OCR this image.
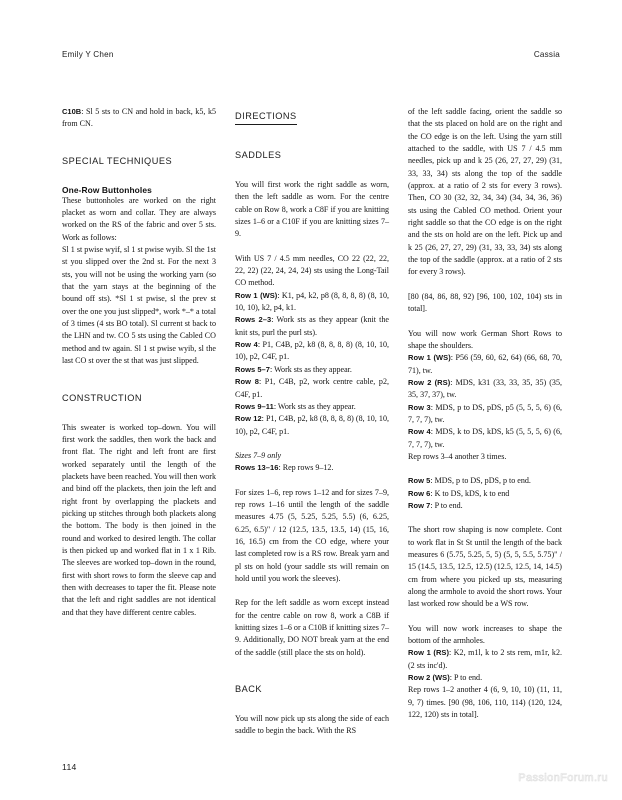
Emily Y Chen	Cassia

C10B: Sl 5 sts to CN and hold in back, k5, k5 from CN.

SPECIAL TECHNIQUES
One-Row Buttonholes

These buttonholes are worked on the right placket as worn and collar. They are always worked on the RS of the fabric and over 5 sts. Work as follows:

Sl 1 st pwise wyif, sl 1 st pwise wyib. Sl the 1st st you slipped over the 2nd st. For the next 3 sts, you will not be using the working yarn (so that the yarn stays at the beginning of the bound off sts). *Sl 1 st pwise, sl the prev st over the one you just slipped*, work *–* a total of 3 times (4 sts BO total). Sl current st back to the LHN and tw. CO 5 sts using the Cabled CO method and tw again. Sl 1 st pwise wyib, sl the last CO st over the st that was just slipped.

CONSTRUCTION

This sweater is worked top–down. You will first work the saddles, then work the back and front flat. The right and left front are first worked separately until the length of the plackets have been reached. You will then work and bind off the plackets, then join the left and right front by overlapping the plackets and picking up stitches through both plackets along the bottom. The body is then joined in the round and worked to desired length. The collar is then picked up and worked flat in 1 x 1 Rib. The sleeves are worked top–down in the round, first with short rows to form the sleeve cap and then with decreases to taper the fit. Please note that the left and right saddles are not identical and that they have different centre cables.

DIRECTIONS
SADDLES

You will first work the right saddle as worn, then the left saddle as worn. For the centre cable on Row 8, work a C8F if you are knitting sizes 1–6 or a C10F if you are knitting sizes 7–9.

With US 7 / 4.5 mm needles, CO 22 (22, 22, 22, 22) (22, 24, 24, 24) sts using the Long-Tail CO method.

Row 1 (WS): K1, p4, k2, p8 (8, 8, 8, 8) (8, 10, 10, 10), k2, p4, k1.

Rows 2–3: Work sts as they appear (knit the knit sts, purl the purl sts).

Row 4: P1, C4B, p2, k8 (8, 8, 8, 8) (8, 10, 10, 10), p2, C4F, p1.

Rows 5–7: Work sts as they appear.

Row 8: P1, C4B, p2, work centre cable, p2, C4F, p1.

Rows 9–11: Work sts as they appear.

Row 12: P1, C4B, p2, k8 (8, 8, 8, 8) (8, 10, 10, 10), p2, C4F, p1.

Sizes 7–9 only

Rows 13–16: Rep rows 9–12.

For sizes 1–6, rep rows 1–12 and for sizes 7–9, rep rows 1–16 until the length of the saddle measures 4.75 (5, 5.25, 5.25, 5.5) (6, 6.25, 6.25, 6.5)" / 12 (12.5, 13.5, 13.5, 14) (15, 16, 16, 16.5) cm from the CO edge, where your last completed row is a RS row. Break yarn and pl sts on hold (your saddle sts will remain on hold until you work the sleeves).

Rep for the left saddle as worn except instead for the centre cable on row 8, work a C8B if knitting sizes 1–6 or a C10B if knitting sizes 7–9. Additionally, DO NOT break yarn at the end of the saddle (still place the sts on hold).

BACK

You will now pick up sts along the side of each saddle to begin the back. With the RS

of the left saddle facing, orient the saddle so that the sts placed on hold are on the right and the CO edge is on the left. Using the yarn still attached to the saddle, with US 7 / 4.5 mm needles, pick up and k 25 (26, 27, 27, 29) (31, 33, 33, 34) sts along the top of the saddle (approx. at a ratio of 2 sts for every 3 rows). Then, CO 30 (32, 32, 34, 34) (34, 34, 36, 36) sts using the Cabled CO method. Orient your right saddle so that the CO edge is on the right and the sts on hold are on the left. Pick up and k 25 (26, 27, 27, 29) (31, 33, 33, 34) sts along the top of the saddle (approx. at a ratio of 2 sts for every 3 rows).

[80 (84, 86, 88, 92) [96, 100, 102, 104) sts in total].

You will now work German Short Rows to shape the shoulders.

Row 1 (WS): P56 (59, 60, 62, 64) (66, 68, 70, 71), tw.

Row 2 (RS): MDS, k31 (33, 33, 35, 35) (35, 35, 37, 37), tw.

Row 3: MDS, p to DS, pDS, p5 (5, 5, 5, 6) (6, 7, 7, 7), tw.

Row 4: MDS, k to DS, kDS, k5 (5, 5, 5, 6) (6, 7, 7, 7), tw.

Rep rows 3–4 another 3 times.

Row 5: MDS, p to DS, pDS, p to end.

Row 6: K to DS, kDS, k to end

Row 7: P to end.

The short row shaping is now complete. Cont to work flat in St St until the length of the back measures 6 (5.75, 5.25, 5, 5) (5, 5, 5.5, 5.75)" / 15 (14.5, 13.5, 12.5, 12.5) (12.5, 12.5, 14, 14.5) cm from where you picked up sts, measuring along the armhole to avoid the short rows. Your last worked row should be a WS row.

You will now work increases to shape the bottom of the armholes.

Row 1 (RS): K2, m1l, k to 2 sts rem, m1r, k2. (2 sts inc'd).

Row 2 (WS): P to end.

Rep rows 1–2 another 4 (6, 9, 10, 10) (11, 11, 9, 7) times. [90 (98, 106, 110, 114) (120, 124, 122, 120) sts in total].

114
PassionForum.ru
